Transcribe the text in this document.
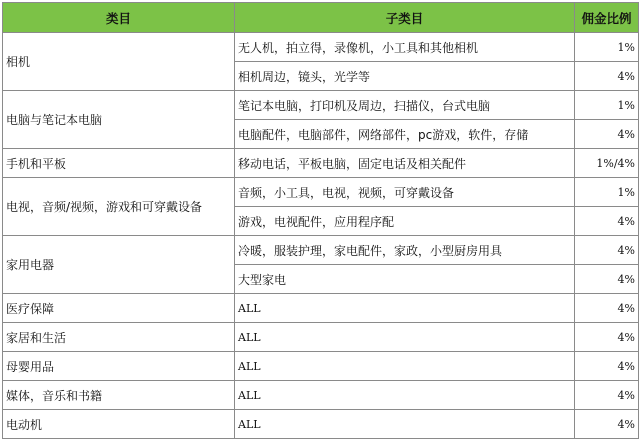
类目	子类目	佣金比例
相机	无人机，拍立得，录像机，小工具和其他相机	1%
	相机周边，镜头，光学等	4%
电脑与笔记本电脑	笔记本电脑，打印机及周边，扫描仪，台式电脑	1%
	电脑配件，电脑部件，网络部件，pc游戏，软件，存储	4%
手机和平板	移动电话，平板电脑，固定电话及相关配件	1%/4%
电视，音频/视频，游戏和可穿戴设备	音频，小工具，电视，视频，可穿戴设备	1%
	游戏，电视配件，应用程序配	4%
家用电器	冷暖，服装护理，家电配件，家政，小型厨房用具	4%
	大型家电	4%
医疗保障	ALL	4%
家居和生活	ALL	4%
母婴用品	ALL	4%
媒体，音乐和书籍	ALL	4%
电动机	ALL	4%
